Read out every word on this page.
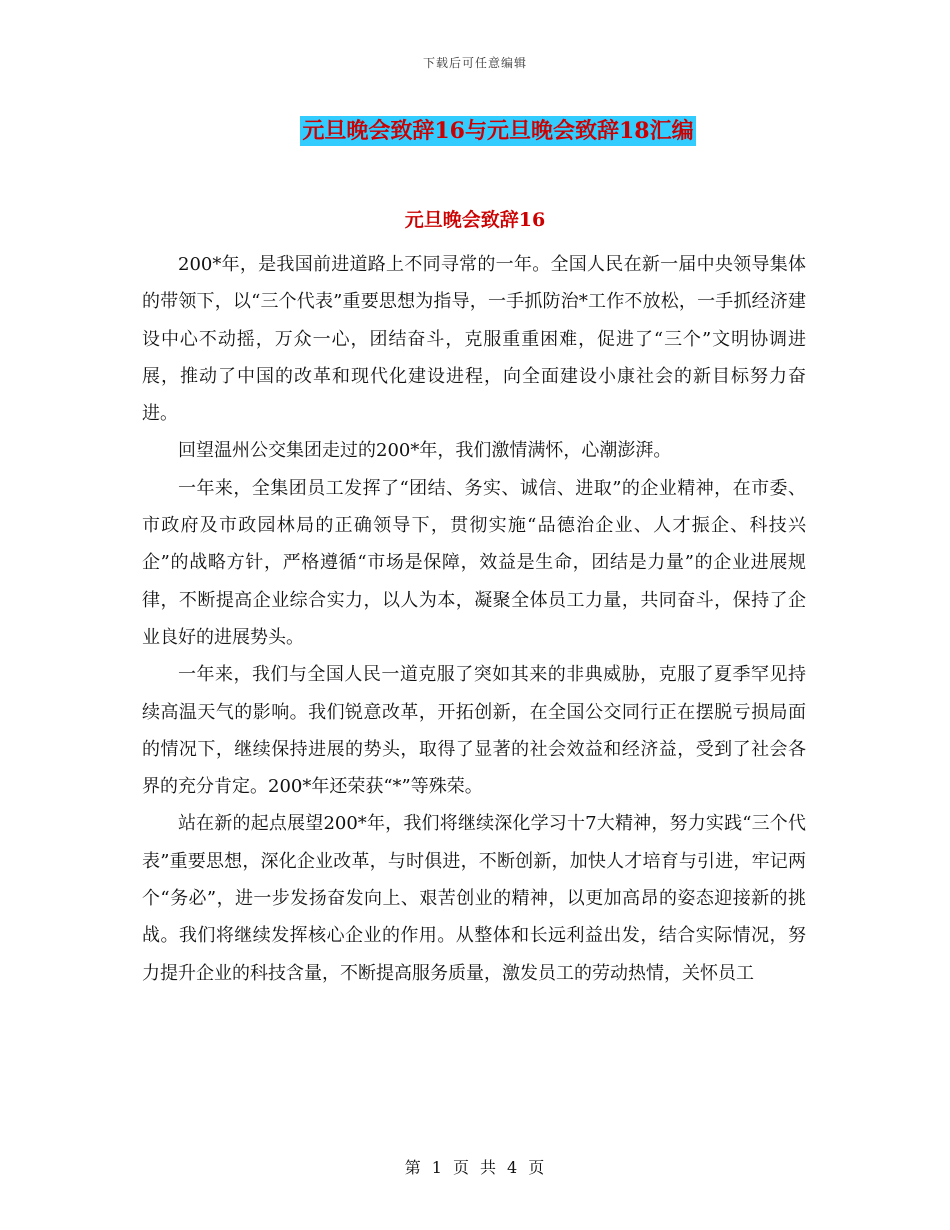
下载后可任意编辑
元旦晚会致辞16与元旦晚会致辞18汇编
元旦晚会致辞16

200*年，是我国前进道路上不同寻常的一年。全国人民在新一届中央领导集体的带领下，以“三个代表”重要思想为指导，一手抓防治*工作不放松，一手抓经济建设中心不动摇，万众一心，团结奋斗，克服重重困难，促进了“三个”文明协调进展，推动了中国的改革和现代化建设进程，向全面建设小康社会的新目标努力奋进。

回望温州公交集团走过的200*年，我们激情满怀，心潮澎湃。

一年来，全集团员工发挥了“团结、务实、诚信、进取”的企业精神，在市委、市政府及市政园林局的正确领导下，贯彻实施“品德治企业、人才振企、科技兴企”的战略方针，严格遵循“市场是保障，效益是生命，团结是力量”的企业进展规律，不断提高企业综合实力，以人为本，凝聚全体员工力量，共同奋斗，保持了企业良好的进展势头。

一年来，我们与全国人民一道克服了突如其来的非典威胁，克服了夏季罕见持续高温天气的影响。我们锐意改革，开拓创新，在全国公交同行正在摆脱亏损局面的情况下，继续保持进展的势头，取得了显著的社会效益和经济益，受到了社会各界的充分肯定。200*年还荣获“*”等殊荣。

站在新的起点展望200*年，我们将继续深化学习十7大精神，努力实践“三个代表”重要思想，深化企业改革，与时俱进，不断创新，加快人才培育与引进，牢记两个“务必”，进一步发扬奋发向上、艰苦创业的精神，以更加高昂的姿态迎接新的挑战。我们将继续发挥核心企业的作用。从整体和长远利益出发，结合实际情况，努力提升企业的科技含量，不断提高服务质量，激发员工的劳动热情，关怀员工

第 1 页 共 4 页
